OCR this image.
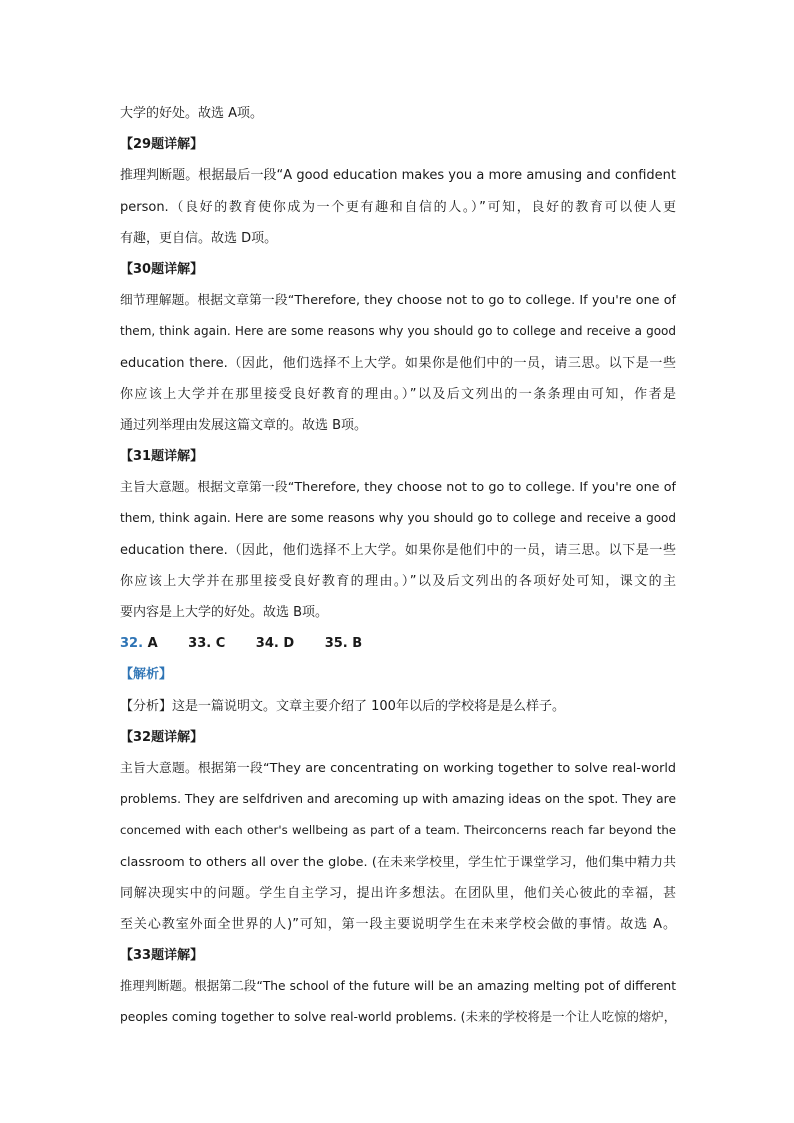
大学的好处。故选 A项。
【29题详解】
推理判断题。根据最后一段“A good education makes you a more amusing and confident
person.（良好的教育使你成为一个更有趣和自信的人。）”可知，良好的教育可以使人更
有趣，更自信。故选 D项。
【30题详解】
细节理解题。根据文章第一段“Therefore, they choose not to go to college. If you're one of
them, think again. Here are some reasons why you should go to college and receive a good
education there.（因此，他们选择不上大学。如果你是他们中的一员，请三思。以下是一些
你应该上大学并在那里接受良好教育的理由。）”以及后文列出的一条条理由可知，作者是
通过列举理由发展这篇文章的。故选 B项。
【31题详解】
主旨大意题。根据文章第一段“Therefore, they choose not to go to college. If you're one of
them, think again. Here are some reasons why you should go to college and receive a good
education there.（因此，他们选择不上大学。如果你是他们中的一员，请三思。以下是一些
你应该上大学并在那里接受良好教育的理由。）”以及后文列出的各项好处可知，课文的主
要内容是上大学的好处。故选 B项。
32. A 33. C 34. D 35. B
【解析】
【分析】这是一篇说明文。文章主要介绍了 100年以后的学校将是是么样子。
【32题详解】
主旨大意题。根据第一段“They are concentrating on working together to solve real-world
problems. They are selfdriven and arecoming up with amazing ideas on the spot. They are
concemed with each other's wellbeing as part of a team. Theirconcerns reach far beyond the
classroom to others all over the globe. (在未来学校里，学生忙于课堂学习，他们集中精力共
同解决现实中的问题。学生自主学习，提出许多想法。在团队里，他们关心彼此的幸福，甚
至关心教室外面全世界的人)”可知，第一段主要说明学生在未来学校会做的事情。故选 A。
【33题详解】
推理判断题。根据第二段“The school of the future will be an amazing melting pot of different
peoples coming together to solve real-world problems. (未来的学校将是一个让人吃惊的熔炉，
